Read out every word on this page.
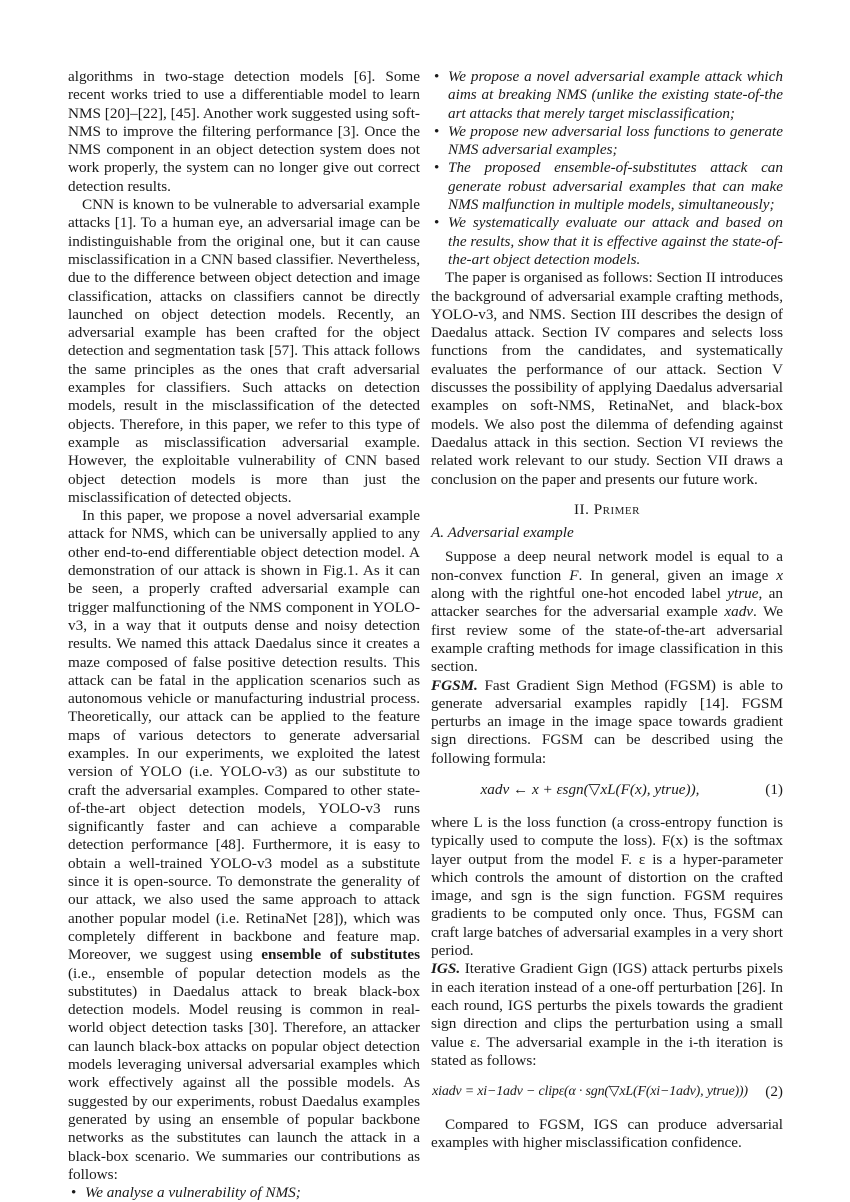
algorithms in two-stage detection models [6]. Some recent works tried to use a differentiable model to learn NMS [20]–[22], [45]. Another work suggested using soft-NMS to improve the filtering performance [3]. Once the NMS component in an object detection system does not work properly, the system can no longer give out correct detection results.

CNN is known to be vulnerable to adversarial example attacks [1]. To a human eye, an adversarial image can be indistinguishable from the original one, but it can cause misclassification in a CNN based classifier. Nevertheless, due to the difference between object detection and image classification, attacks on classifiers cannot be directly launched on object detection models. Recently, an adversarial example has been crafted for the object detection and segmentation task [57]. This attack follows the same principles as the ones that craft adversarial examples for classifiers. Such attacks on detection models, result in the misclassification of the detected objects. Therefore, in this paper, we refer to this type of example as misclassification adversarial example. However, the exploitable vulnerability of CNN based object detection models is more than just the misclassification of detected objects.

In this paper, we propose a novel adversarial example attack for NMS, which can be universally applied to any other end-to-end differentiable object detection model. A demonstration of our attack is shown in Fig.1. As it can be seen, a properly crafted adversarial example can trigger malfunctioning of the NMS component in YOLO-v3, in a way that it outputs dense and noisy detection results. We named this attack Daedalus since it creates a maze composed of false positive detection results. This attack can be fatal in the application scenarios such as autonomous vehicle or manufacturing industrial process. Theoretically, our attack can be applied to the feature maps of various detectors to generate adversarial examples. In our experiments, we exploited the latest version of YOLO (i.e. YOLO-v3) as our substitute to craft the adversarial examples. Compared to other state-of-the-art object detection models, YOLO-v3 runs significantly faster and can achieve a comparable detection performance [48]. Furthermore, it is easy to obtain a well-trained YOLO-v3 model as a substitute since it is open-source. To demonstrate the generality of our attack, we also used the same approach to attack another popular model (i.e. RetinaNet [28]), which was completely different in backbone and feature map. Moreover, we suggest using ensemble of substitutes (i.e., ensemble of popular detection models as the substitutes) in Daedalus attack to break black-box detection models. Model reusing is common in real-world object detection tasks [30]. Therefore, an attacker can launch black-box attacks on popular object detection models leveraging universal adversarial examples which work effectively against all the possible models. As suggested by our experiments, robust Daedalus examples generated by using an ensemble of popular backbone networks as the substitutes can launch the attack in a black-box scenario. We summaries our contributions as follows:

• We analyse a vulnerability of NMS;
• We propose a novel adversarial example attack which aims at breaking NMS (unlike the existing state-of-the art attacks that merely target misclassification;
• We propose new adversarial loss functions to generate NMS adversarial examples;
• The proposed ensemble-of-substitutes attack can generate robust adversarial examples that can make NMS malfunction in multiple models, simultaneously;
• We systematically evaluate our attack and based on the results, show that it is effective against the state-of- the-art object detection models.

The paper is organised as follows: Section II introduces the background of adversarial example crafting methods, YOLO-v3, and NMS. Section III describes the design of Daedalus attack. Section IV compares and selects loss functions from the candidates, and systematically evaluates the performance of our attack. Section V discusses the possibility of applying Daedalus adversarial examples on soft-NMS, RetinaNet, and black-box models. We also post the dilemma of defending against Daedalus attack in this section. Section VI reviews the related work relevant to our study. Section VII draws a conclusion on the paper and presents our future work.

II. Primer
A. Adversarial example

Suppose a deep neural network model is equal to a non-convex function F. In general, given an image x along with the rightful one-hot encoded label ytrue, an attacker searches for the adversarial example xadv. We first review some of the state-of-the-art adversarial example crafting methods for image classification in this section.

FGSM. Fast Gradient Sign Method (FGSM) is able to generate adversarial examples rapidly [14]. FGSM perturbs an image in the image space towards gradient sign directions. FGSM can be described using the following formula:

xadv ← x + εsgn(▽xL(F(x), ytrue)),	(1)

where L is the loss function (a cross-entropy function is typically used to compute the loss). F(x) is the softmax layer output from the model F. ε is a hyper-parameter which controls the amount of distortion on the crafted image, and sgn is the sign function. FGSM requires gradients to be computed only once. Thus, FGSM can craft large batches of adversarial examples in a very short period.

IGS. Iterative Gradient Gign (IGS) attack perturbs pixels in each iteration instead of a one-off perturbation [26]. In each round, IGS perturbs the pixels towards the gradient sign direction and clips the perturbation using a small value ε. The adversarial example in the i-th iteration is stated as follows:

xiadv = xi−1adv − clipε(α · sgn(▽xL(F(xi−1adv), ytrue))) (2)

Compared to FGSM, IGS can produce adversarial examples with higher misclassification confidence.
